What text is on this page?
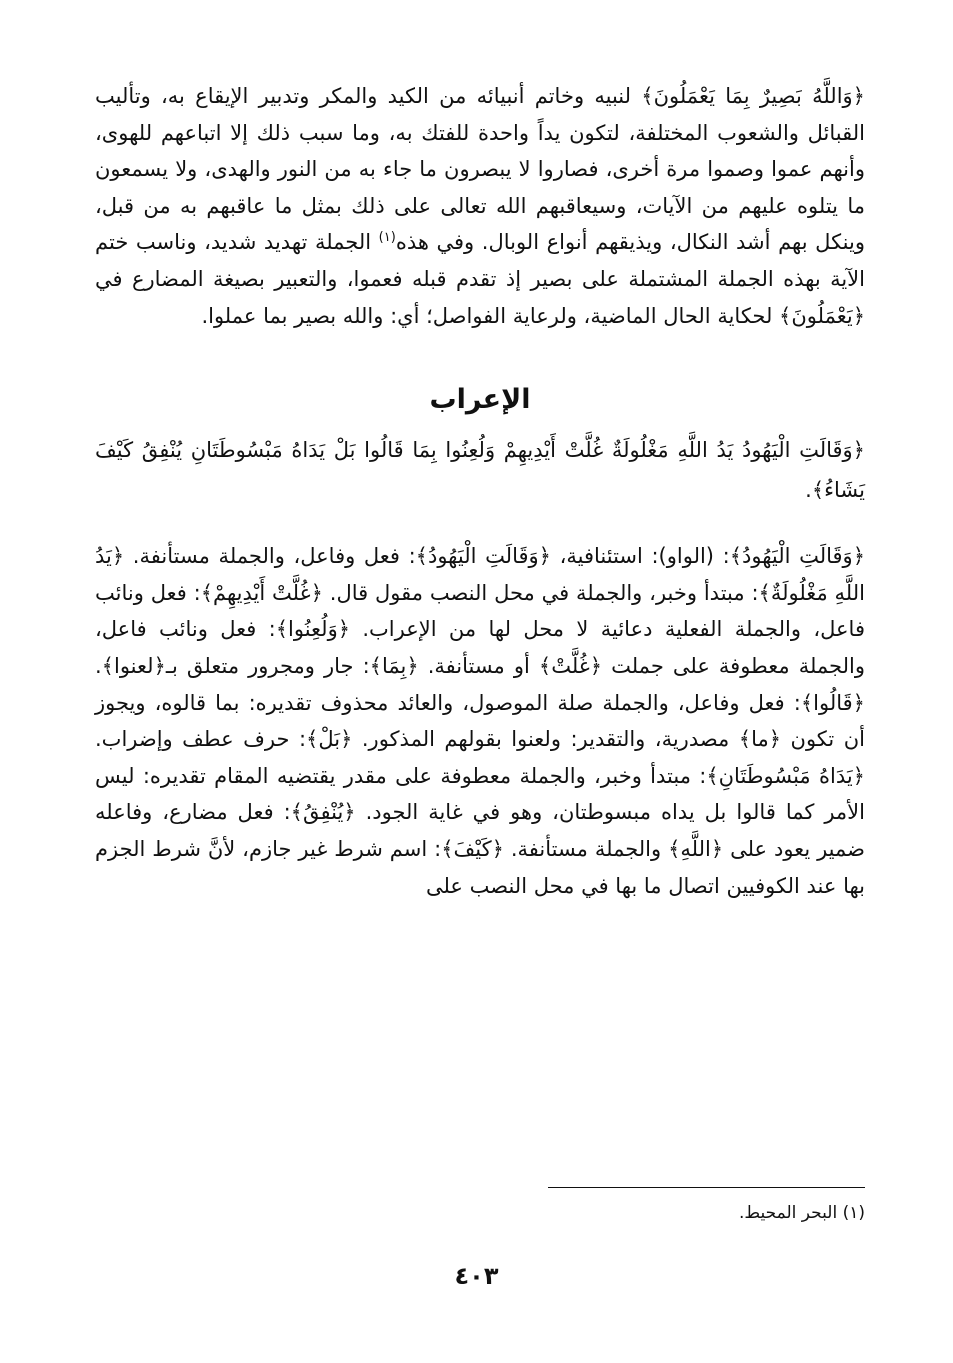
﴿وَاللَّهُ بَصِيرٌ بِمَا يَعْمَلُونَ﴾ لنبيه وخاتم أنبيائه من الكيد والمكر وتدبير الإيقاع به، وتأليب القبائل والشعوب المختلفة، لتكون يداً واحدة للفتك به، وما سبب ذلك إلا اتباعهم للهوى، وأنهم عموا وصموا مرة أخرى، فصاروا لا يبصرون ما جاء به من النور والهدى، ولا يسمعون ما يتلوه عليهم من الآيات، وسيعاقبهم الله تعالى على ذلك بمثل ما عاقبهم به من قبل، وينكل بهم أشد النكال، ويذيقهم أنواع الوبال. وفي هذه$^{(١)}$ الجملة تهديد شديد، وناسب ختم الآية بهذه الجملة المشتملة على بصير إذ تقدم قبله فعموا، والتعبير بصيغة المضارع في ﴿يَعْمَلُونَ﴾ لحكاية الحال الماضية، ولرعاية الفواصل؛ أي: والله بصير بما عملوا.

الإعراب

﴿وَقَالَتِ الْيَهُودُ يَدُ اللَّهِ مَغْلُولَةٌ غُلَّتْ أَيْدِيهِمْ وَلُعِنُوا بِمَا قَالُوا بَلْ يَدَاهُ مَبْسُوطَتَانِ يُنْفِقُ كَيْفَ يَشَاءُ﴾.

﴿وَقَالَتِ الْيَهُودُ﴾: (الواو): استئنافية، ﴿وَقَالَتِ الْيَهُودُ﴾: فعل وفاعل، والجملة مستأنفة. ﴿يَدُ اللَّهِ مَغْلُولَةٌ﴾: مبتدأ وخبر، والجملة في محل النصب مقول قال. ﴿غُلَّتْ أَيْدِيهِمْ﴾: فعل ونائب فاعل، والجملة الفعلية دعائية لا محل لها من الإعراب. ﴿وَلُعِنُوا﴾: فعل ونائب فاعل، والجملة معطوفة على جملت ﴿غُلَّتْ﴾ أو مستأنفة. ﴿بِمَا﴾: جار ومجرور متعلق بـ﴿لعنوا﴾. ﴿قَالُوا﴾: فعل وفاعل، والجملة صلة الموصول، والعائد محذوف تقديره: بما قالوه، ويجوز أن تكون ﴿ما﴾ مصدرية، والتقدير: ولعنوا بقولهم المذكور. ﴿بَلْ﴾: حرف عطف وإضراب. ﴿يَدَاهُ مَبْسُوطَتَانِ﴾: مبتدأ وخبر، والجملة معطوفة على مقدر يقتضيه المقام تقديره: ليس الأمر كما قالوا بل يداه مبسوطتان، وهو في غاية الجود. ﴿يُنْفِقُ﴾: فعل مضارع، وفاعله ضمير يعود على ﴿اللَّهِ﴾ والجملة مستأنفة. ﴿كَيْفَ﴾: اسم شرط غير جازم، لأنَّ شرط الجزم بها عند الكوفيين اتصال ما بها في محل النصب على

(١) البحر المحيط.
٤٠٣
